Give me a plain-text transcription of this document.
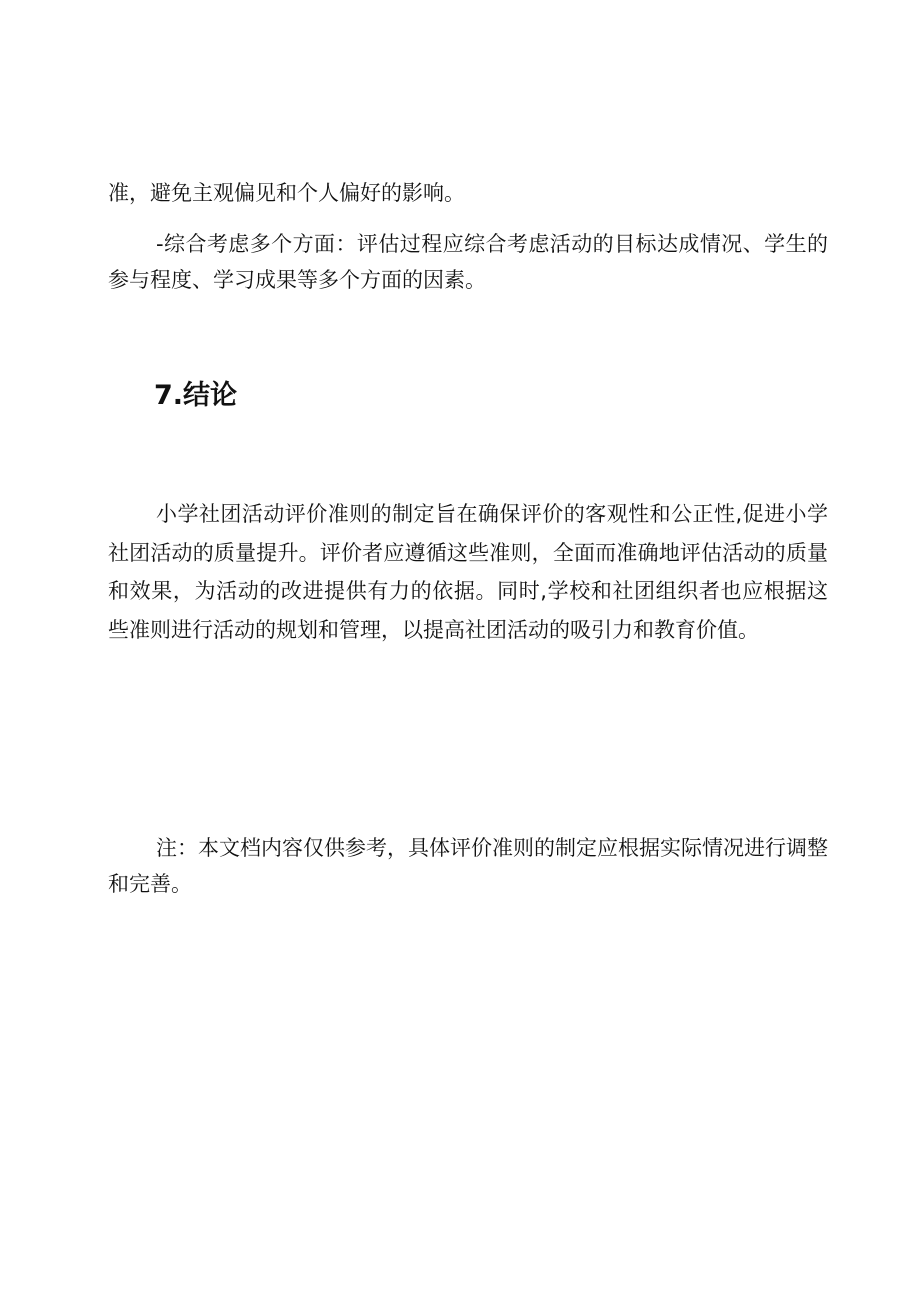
准，避免主观偏见和个人偏好的影响。

-综合考虑多个方面：评估过程应综合考虑活动的目标达成情况、学生的参与程度、学习成果等多个方面的因素。

7.结论

小学社团活动评价准则的制定旨在确保评价的客观性和公正性,促进小学社团活动的质量提升。评价者应遵循这些准则，全面而准确地评估活动的质量和效果，为活动的改进提供有力的依据。同时,学校和社团组织者也应根据这些准则进行活动的规划和管理，以提高社团活动的吸引力和教育价值。

注：本文档内容仅供参考，具体评价准则的制定应根据实际情况进行调整和完善。
